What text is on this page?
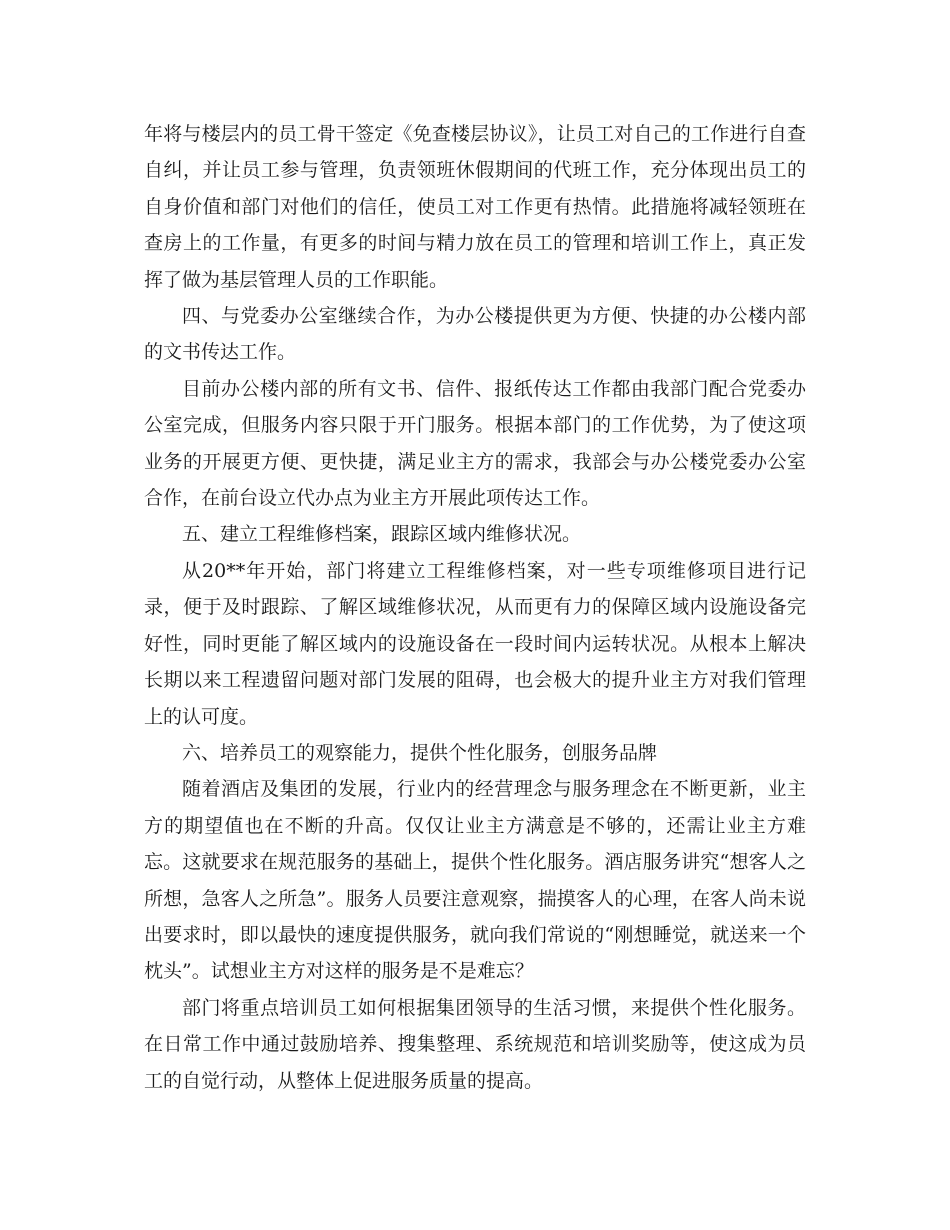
年将与楼层内的员工骨干签定《免查楼层协议》，让员工对自己的工作进行自查自纠，并让员工参与管理，负责领班休假期间的代班工作，充分体现出员工的自身价值和部门对他们的信任，使员工对工作更有热情。此措施将减轻领班在查房上的工作量，有更多的时间与精力放在员工的管理和培训工作上，真正发挥了做为基层管理人员的工作职能。

四、与党委办公室继续合作，为办公楼提供更为方便、快捷的办公楼内部的文书传达工作。

目前办公楼内部的所有文书、信件、报纸传达工作都由我部门配合党委办公室完成，但服务内容只限于开门服务。根据本部门的工作优势，为了使这项业务的开展更方便、更快捷，满足业主方的需求，我部会与办公楼党委办公室合作，在前台设立代办点为业主方开展此项传达工作。

五、建立工程维修档案，跟踪区域内维修状况。

从20**年开始，部门将建立工程维修档案，对一些专项维修项目进行记录，便于及时跟踪、了解区域维修状况，从而更有力的保障区域内设施设备完好性，同时更能了解区域内的设施设备在一段时间内运转状况。从根本上解决长期以来工程遗留问题对部门发展的阻碍，也会极大的提升业主方对我们管理上的认可度。

六、培养员工的观察能力，提供个性化服务，创服务品牌

随着酒店及集团的发展，行业内的经营理念与服务理念在不断更新，业主方的期望值也在不断的升高。仅仅让业主方满意是不够的，还需让业主方难忘。这就要求在规范服务的基础上，提供个性化服务。酒店服务讲究“想客人之所想，急客人之所急”。服务人员要注意观察，揣摸客人的心理，在客人尚未说出要求时，即以最快的速度提供服务，就向我们常说的“刚想睡觉，就送来一个枕头”。试想业主方对这样的服务是不是难忘？

部门将重点培训员工如何根据集团领导的生活习惯，来提供个性化服务。在日常工作中通过鼓励培养、搜集整理、系统规范和培训奖励等，使这成为员工的自觉行动，从整体上促进服务质量的提高。
